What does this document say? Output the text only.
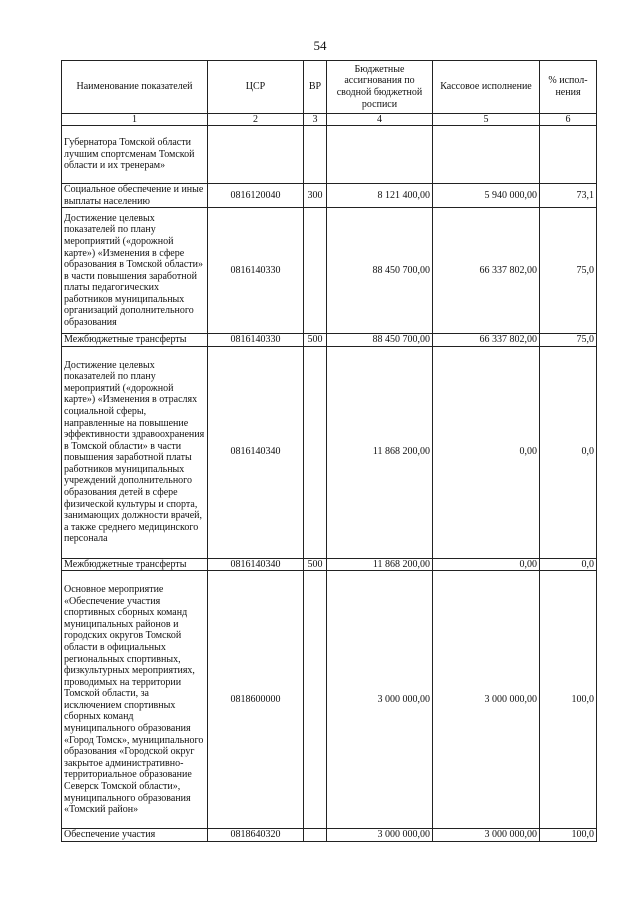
54
Наименование показателей	ЦСР	ВР	Бюджетные ассигнования по сводной бюджетной росписи	Кассовое исполнение	% испол-нения
1	2	3	4	5	6
Губернатора Томской области лучшим спортсменам Томской области и их тренерам»					
Социальное обеспечение и иные выплаты населению	0816120040	300	8 121 400,00	5 940 000,00	73,1
Достижение целевых показателей по плану мероприятий («дорожной карте») «Изменения в сфере образования в Томской области» в части повышения заработной платы педагогических работников муниципальных организаций дополнительного образования	0816140330		88 450 700,00	66 337 802,00	75,0
Межбюджетные трансферты	0816140330	500	88 450 700,00	66 337 802,00	75,0
Достижение целевых показателей по плану мероприятий («дорожной карте») «Изменения в отраслях социальной сферы, направленные на повышение эффективности здравоохранения в Томской области» в части повышения заработной платы работников муниципальных учреждений дополнительного образования детей в сфере физической культуры и спорта, занимающих должности врачей, а также среднего медицинского персонала	0816140340		11 868 200,00	0,00	0,0
Межбюджетные трансферты	0816140340	500	11 868 200,00	0,00	0,0
Основное мероприятие «Обеспечение участия спортивных сборных команд муниципальных районов и городских округов Томской области в официальных региональных спортивных, физкультурных мероприятиях, проводимых на территории Томской области, за исключением спортивных сборных команд муниципального образования «Город Томск», муниципального образования «Городской округ закрытое административно-территориальное образование Северск Томской области», муниципального образования «Томский район»	0818600000		3 000 000,00	3 000 000,00	100,0
Обеспечение участия	0818640320		3 000 000,00	3 000 000,00	100,0
